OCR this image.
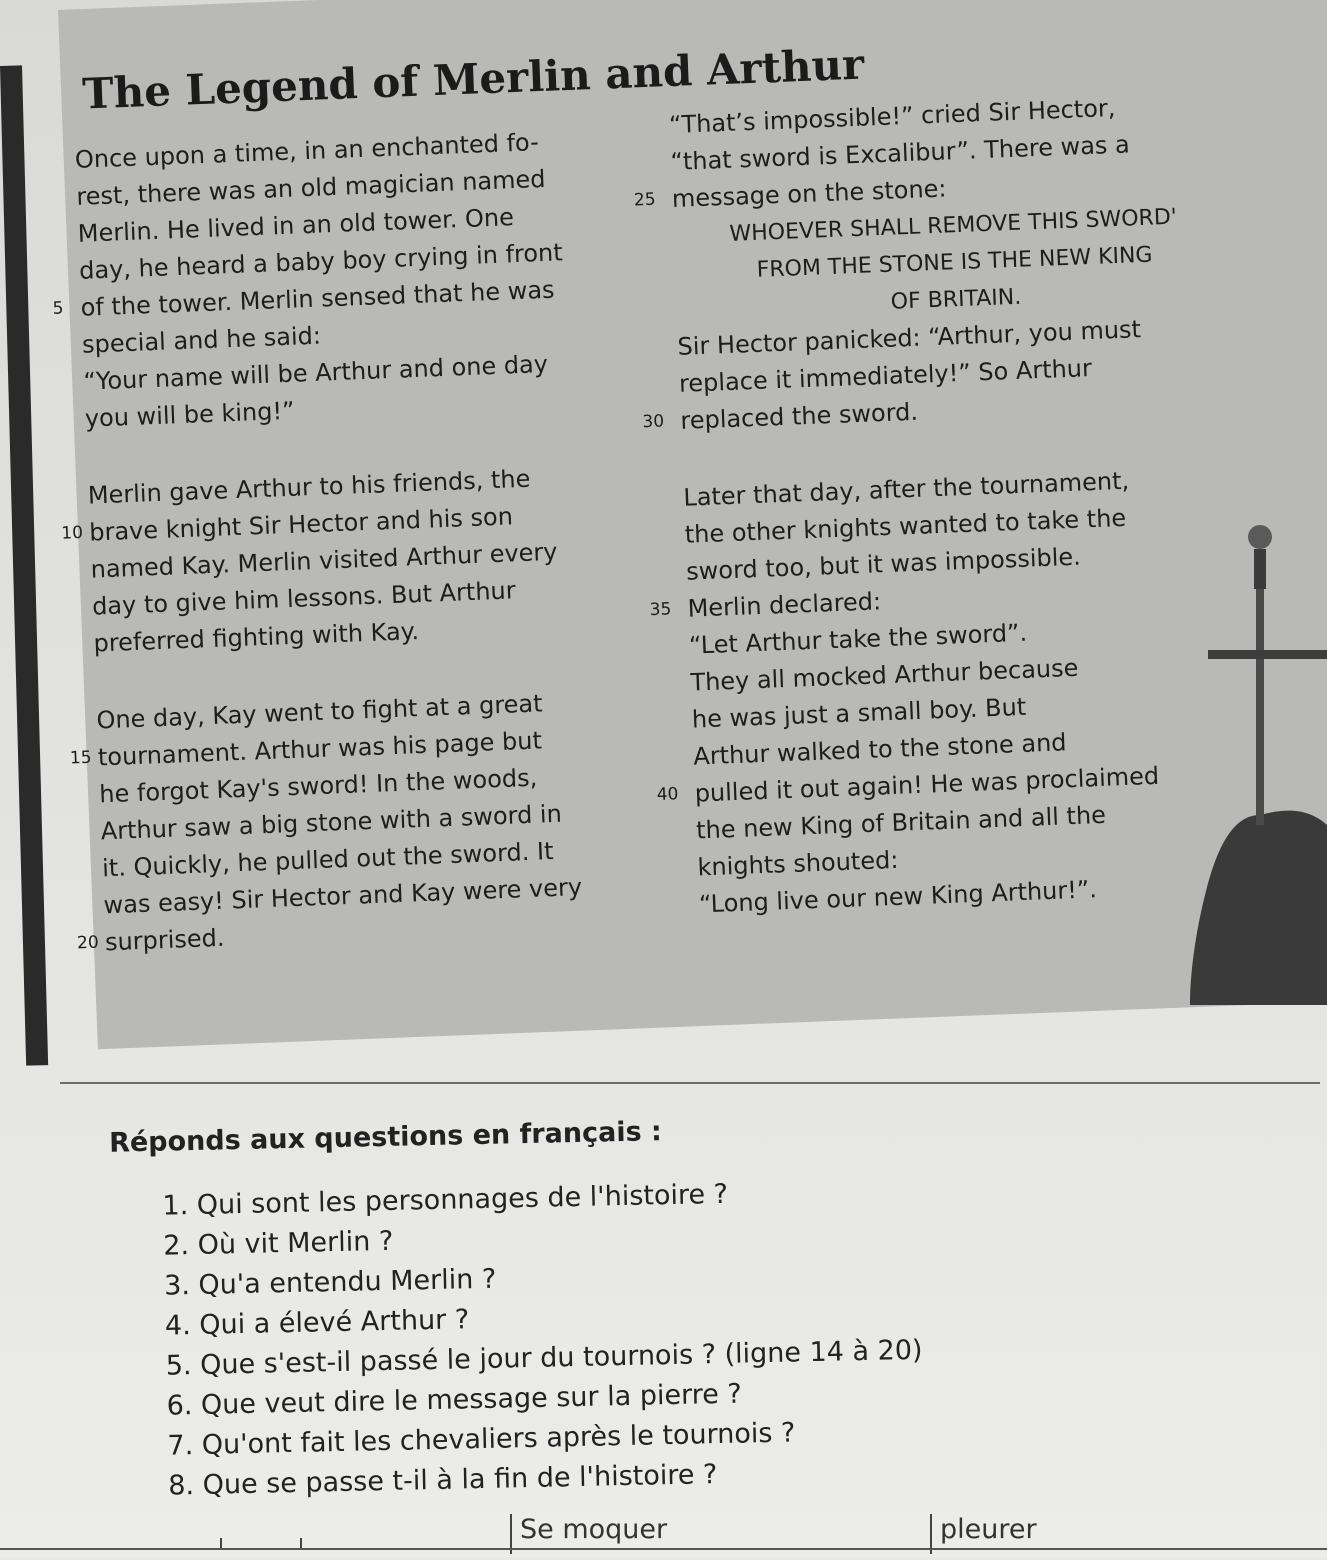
The Legend of Merlin and Arthur
Once upon a time, in an enchanted fo-
rest, there was an old magician named
Merlin. He lived in an old tower. One
day, he heard a baby boy crying in front
5 of the tower. Merlin sensed that he was
special and he said:
“Your name will be Arthur and one day
you will be king!”
Merlin gave Arthur to his friends, the
10 brave knight Sir Hector and his son
named Kay. Merlin visited Arthur every
day to give him lessons. But Arthur
preferred fighting with Kay.
One day, Kay went to fight at a great
15 tournament. Arthur was his page but
he forgot Kay's sword! In the woods,
Arthur saw a big stone with a sword in
it. Quickly, he pulled out the sword. It
was easy! Sir Hector and Kay were very
20 surprised.
“That’s impossible!” cried Sir Hector,
“that sword is Excalibur”. There was a
25 message on the stone:
WHOEVER SHALL REMOVE THIS SWORD'
FROM THE STONE IS THE NEW KING
OF BRITAIN.
Sir Hector panicked: “Arthur, you must
replace it immediately!” So Arthur
30 replaced the sword.
Later that day, after the tournament,
the other knights wanted to take the
sword too, but it was impossible.
35 Merlin declared:
“Let Arthur take the sword”.
They all mocked Arthur because
he was just a small boy. But
Arthur walked to the stone and
40 pulled it out again! He was proclaimed
the new King of Britain and all the
knights shouted:
“Long live our new King Arthur!”.
Réponds aux questions en français :
1. Qui sont les personnages de l'histoire ?
2. Où vit Merlin ?
3. Qu'a entendu Merlin ?
4. Qui a élevé Arthur ?
5. Que s'est-il passé le jour du tournois ? (ligne 14 à 20)
6. Que veut dire le message sur la pierre ?
7. Qu'ont fait les chevaliers après le tournois ?
8. Que se passe t-il à la fin de l'histoire ?
Se moquer	pleurer
